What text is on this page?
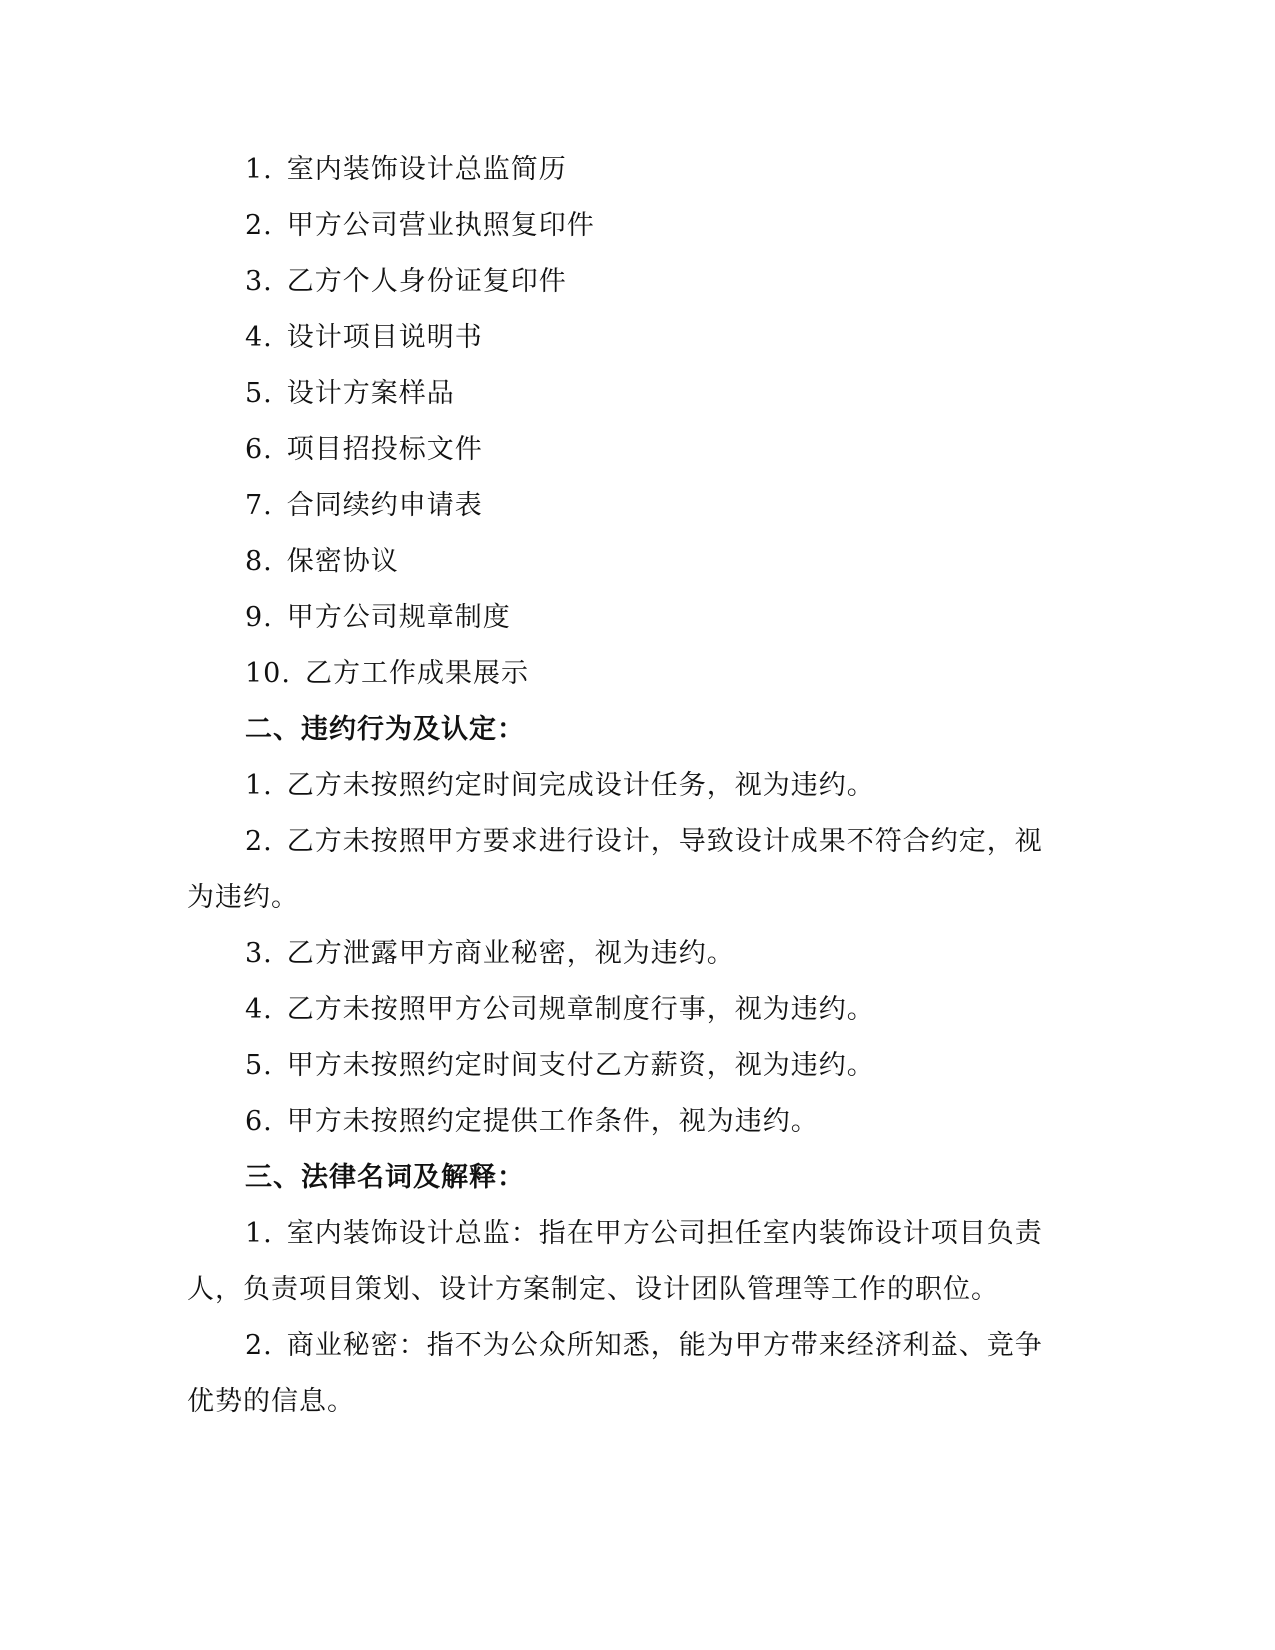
1. 室内装饰设计总监简历
2. 甲方公司营业执照复印件
3. 乙方个人身份证复印件
4. 设计项目说明书
5. 设计方案样品
6. 项目招投标文件
7. 合同续约申请表
8. 保密协议
9. 甲方公司规章制度
10. 乙方工作成果展示
二、违约行为及认定：
1. 乙方未按照约定时间完成设计任务，视为违约。
2. 乙方未按照甲方要求进行设计，导致设计成果不符合约定，视
为违约。
3. 乙方泄露甲方商业秘密，视为违约。
4. 乙方未按照甲方公司规章制度行事，视为违约。
5. 甲方未按照约定时间支付乙方薪资，视为违约。
6. 甲方未按照约定提供工作条件，视为违约。
三、法律名词及解释：
1. 室内装饰设计总监：指在甲方公司担任室内装饰设计项目负责
人，负责项目策划、设计方案制定、设计团队管理等工作的职位。
2. 商业秘密：指不为公众所知悉，能为甲方带来经济利益、竞争
优势的信息。
